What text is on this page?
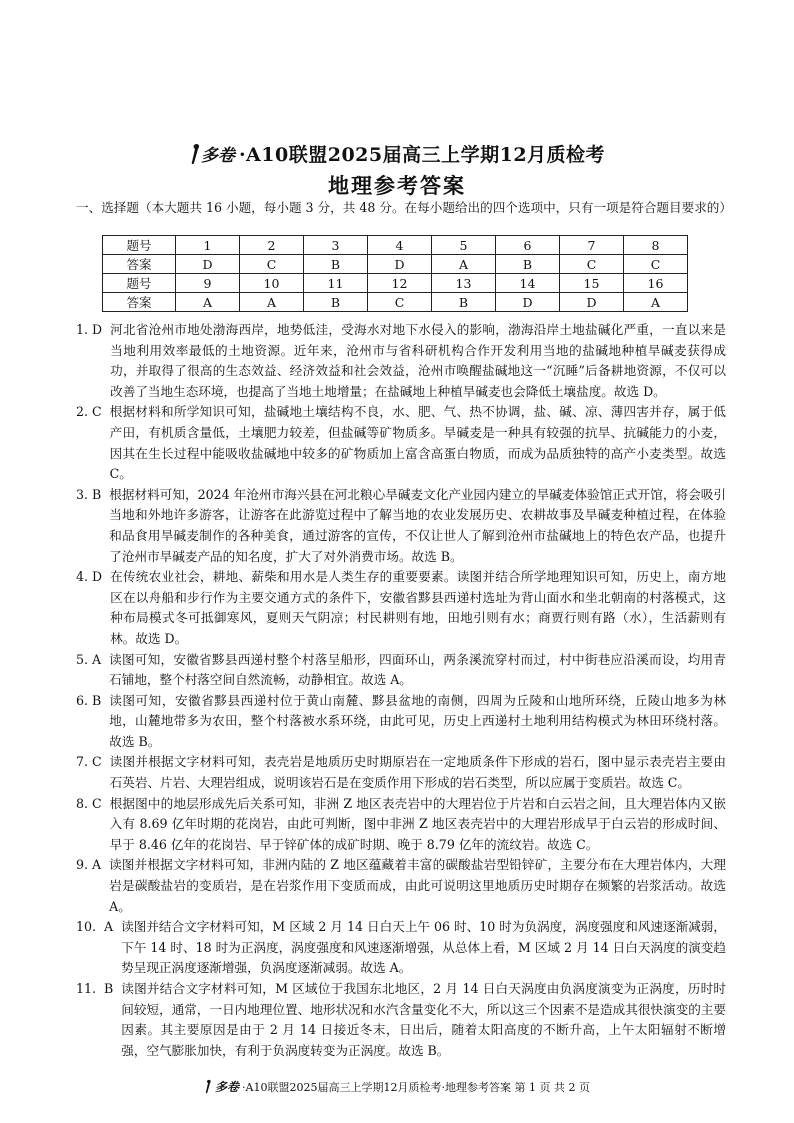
多卷 ·A10联盟2025届高三上学期12月质检考
地理参考答案
一、选择题（本大题共 16 小题，每小题 3 分，共 48 分。在每小题给出的四个选项中，只有一项是符合题目要求的）
题号	1	2	3	4	5	6	7	8
答案	D	C	B	D	A	B	C	C
题号	9	10	11	12	13	14	15	16
答案	A	A	B	C	B	D	D	A
1. D 河北省沧州市地处渤海西岸，地势低洼，受海水对地下水侵入的影响，渤海沿岸土地盐碱化严重，一直以来是当地利用效率最低的土地资源。近年来，沧州市与省科研机构合作开发利用当地的盐碱地种植旱碱麦获得成功，并取得了很高的生态效益、经济效益和社会效益，沧州市唤醒盐碱地这一“沉睡”后备耕地资源，不仅可以改善了当地生态环境，也提高了当地土地增量；在盐碱地上种植旱碱麦也会降低土壤盐度。故选 D。
2. C 根据材料和所学知识可知，盐碱地土壤结构不良，水、肥、气、热不协调，盐、碱、凉、薄四害并存，属于低产田，有机质含量低，土壤肥力较差，但盐碱等矿物质多。旱碱麦是一种具有较强的抗旱、抗碱能力的小麦，因其在生长过程中能吸收盐碱地中较多的矿物质加上富含高蛋白物质，而成为品质独特的高产小麦类型。故选 C。
3. B 根据材料可知，2024 年沧州市海兴县在河北粮心旱碱麦文化产业园内建立的旱碱麦体验馆正式开馆，将会吸引当地和外地许多游客，让游客在此游览过程中了解当地的农业发展历史、农耕故事及旱碱麦种植过程，在体验和品食用旱碱麦制作的各种美食，通过游客的宣传，不仅让世人了解到沧州市盐碱地上的特色农产品，也提升了沧州市旱碱麦产品的知名度，扩大了对外消费市场。故选 B。
4. D 在传统农业社会，耕地、薪柴和用水是人类生存的重要要素。读图并结合所学地理知识可知，历史上，南方地区在以舟船和步行作为主要交通方式的条件下，安徽省黟县西递村选址为背山面水和坐北朝南的村落模式，这种布局模式冬可抵御寒风，夏则天气阴凉；村民耕则有地，田地引则有水；商贾行则有路（水），生活薪则有林。故选 D。
5. A 读图可知，安徽省黟县西递村整个村落呈船形，四面环山，两条溪流穿村而过，村中街巷应沿溪而设，均用青石铺地，整个村落空间自然流畅，动静相宜。故选 A。
6. B 读图可知，安徽省黟县西递村位于黄山南麓、黟县盆地的南侧，四周为丘陵和山地所环绕，丘陵山地多为林地，山麓地带多为农田，整个村落被水系环绕，由此可见，历史上西递村土地利用结构模式为林田环绕村落。故选 B。
7. C 读图并根据文字材料可知，表壳岩是地质历史时期原岩在一定地质条件下形成的岩石，图中显示表壳岩主要由石英岩、片岩、大理岩组成，说明该岩石是在变质作用下形成的岩石类型，所以应属于变质岩。故选 C。
8. C 根据图中的地层形成先后关系可知，非洲 Z 地区表壳岩中的大理岩位于片岩和白云岩之间，且大理岩体内又嵌入有 8.69 亿年时期的花岗岩，由此可判断，图中非洲 Z 地区表壳岩中的大理岩形成早于白云岩的形成时间、早于 8.46 亿年的花岗岩、早于锌矿体的成矿时期、晚于 8.79 亿年的流纹岩。故选 C。
9. A 读图并根据文字材料可知，非洲内陆的 Z 地区蕴藏着丰富的碳酸盐岩型铅锌矿，主要分布在大理岩体内，大理岩是碳酸盐岩的变质岩，是在岩浆作用下变质而成，由此可说明这里地质历史时期存在频繁的岩浆活动。故选 A。
10.  A 读图并结合文字材料可知，M 区域 2 月 14 日白天上午 06 时、10 时为负涡度，涡度强度和风速逐渐减弱，下午 14 时、18 时为正涡度，涡度强度和风速逐渐增强，从总体上看，M 区域 2 月 14 日白天涡度的演变趋势呈现正涡度逐渐增强，负涡度逐渐减弱。故选 A。
11.  B 读图并结合文字材料可知，M 区域位于我国东北地区，2 月 14 日白天涡度由负涡度演变为正涡度，历时时间较短，通常，一日内地理位置、地形状况和水汽含量变化不大，所以这三个因素不是造成其很快演变的主要因素。其主要原因是由于 2 月 14 日接近冬末，日出后，随着太阳高度的不断升高，上午太阳辐射不断增强，空气膨胀加快，有利于负涡度转变为正涡度。故选 B。
多卷 ·A10联盟2025届高三上学期12月质检考·地理参考答案 第 1 页 共 2 页
